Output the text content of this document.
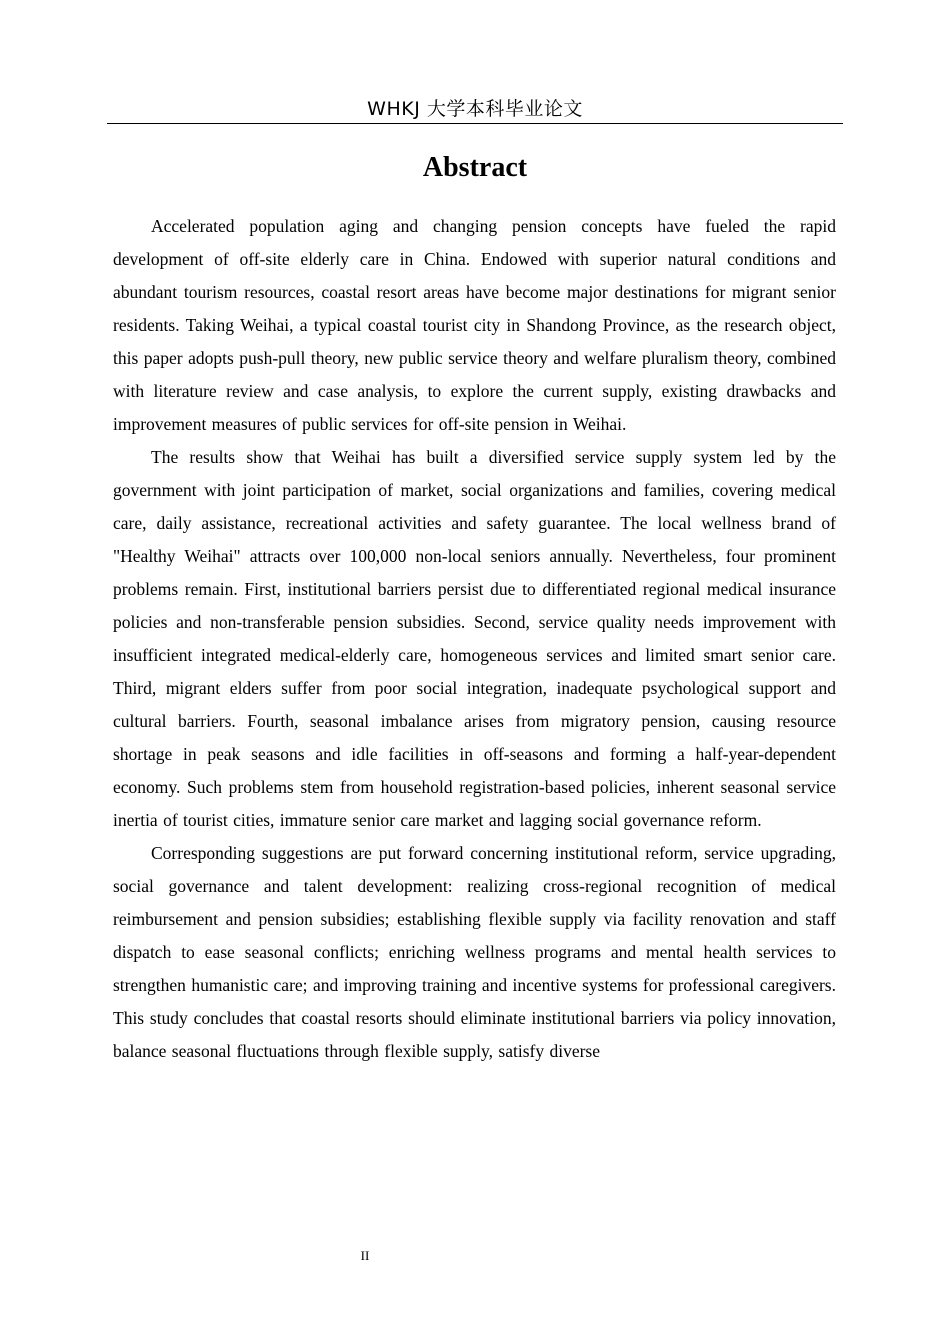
WHKJ 大学本科毕业论文
Abstract

Accelerated population aging and changing pension concepts have fueled the rapid development of off-site elderly care in China. Endowed with superior natural conditions and abundant tourism resources, coastal resort areas have become major destinations for migrant senior residents. Taking Weihai, a typical coastal tourist city in Shandong Province, as the research object, this paper adopts push-pull theory, new public service theory and welfare pluralism theory, combined with literature review and case analysis, to explore the current supply, existing drawbacks and improvement measures of public services for off-site pension in Weihai.

The results show that Weihai has built a diversified service supply system led by the government with joint participation of market, social organizations and families, covering medical care, daily assistance, recreational activities and safety guarantee. The local wellness brand of "Healthy Weihai" attracts over 100,000 non-local seniors annually. Nevertheless, four prominent problems remain. First, institutional barriers persist due to differentiated regional medical insurance policies and non-transferable pension subsidies. Second, service quality needs improvement with insufficient integrated medical-elderly care, homogeneous services and limited smart senior care. Third, migrant elders suffer from poor social integration, inadequate psychological support and cultural barriers. Fourth, seasonal imbalance arises from migratory pension, causing resource shortage in peak seasons and idle facilities in off-seasons and forming a half-year-dependent economy. Such problems stem from household registration-based policies, inherent seasonal service inertia of tourist cities, immature senior care market and lagging social governance reform.

Corresponding suggestions are put forward concerning institutional reform, service upgrading, social governance and talent development: realizing cross-regional recognition of medical reimbursement and pension subsidies; establishing flexible supply via facility renovation and staff dispatch to ease seasonal conflicts; enriching wellness programs and mental health services to strengthen humanistic care; and improving training and incentive systems for professional caregivers. This study concludes that coastal resorts should eliminate institutional barriers via policy innovation, balance seasonal fluctuations through flexible supply, satisfy diverse

II
